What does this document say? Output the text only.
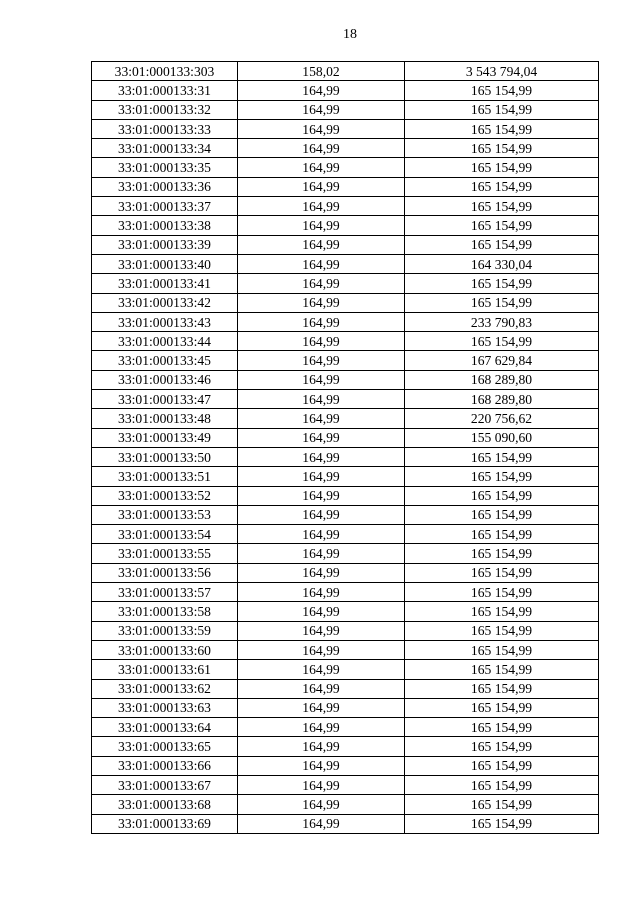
18
33:01:000133:303	158,02	3 543 794,04
33:01:000133:31	164,99	165 154,99
33:01:000133:32	164,99	165 154,99
33:01:000133:33	164,99	165 154,99
33:01:000133:34	164,99	165 154,99
33:01:000133:35	164,99	165 154,99
33:01:000133:36	164,99	165 154,99
33:01:000133:37	164,99	165 154,99
33:01:000133:38	164,99	165 154,99
33:01:000133:39	164,99	165 154,99
33:01:000133:40	164,99	164 330,04
33:01:000133:41	164,99	165 154,99
33:01:000133:42	164,99	165 154,99
33:01:000133:43	164,99	233 790,83
33:01:000133:44	164,99	165 154,99
33:01:000133:45	164,99	167 629,84
33:01:000133:46	164,99	168 289,80
33:01:000133:47	164,99	168 289,80
33:01:000133:48	164,99	220 756,62
33:01:000133:49	164,99	155 090,60
33:01:000133:50	164,99	165 154,99
33:01:000133:51	164,99	165 154,99
33:01:000133:52	164,99	165 154,99
33:01:000133:53	164,99	165 154,99
33:01:000133:54	164,99	165 154,99
33:01:000133:55	164,99	165 154,99
33:01:000133:56	164,99	165 154,99
33:01:000133:57	164,99	165 154,99
33:01:000133:58	164,99	165 154,99
33:01:000133:59	164,99	165 154,99
33:01:000133:60	164,99	165 154,99
33:01:000133:61	164,99	165 154,99
33:01:000133:62	164,99	165 154,99
33:01:000133:63	164,99	165 154,99
33:01:000133:64	164,99	165 154,99
33:01:000133:65	164,99	165 154,99
33:01:000133:66	164,99	165 154,99
33:01:000133:67	164,99	165 154,99
33:01:000133:68	164,99	165 154,99
33:01:000133:69	164,99	165 154,99
